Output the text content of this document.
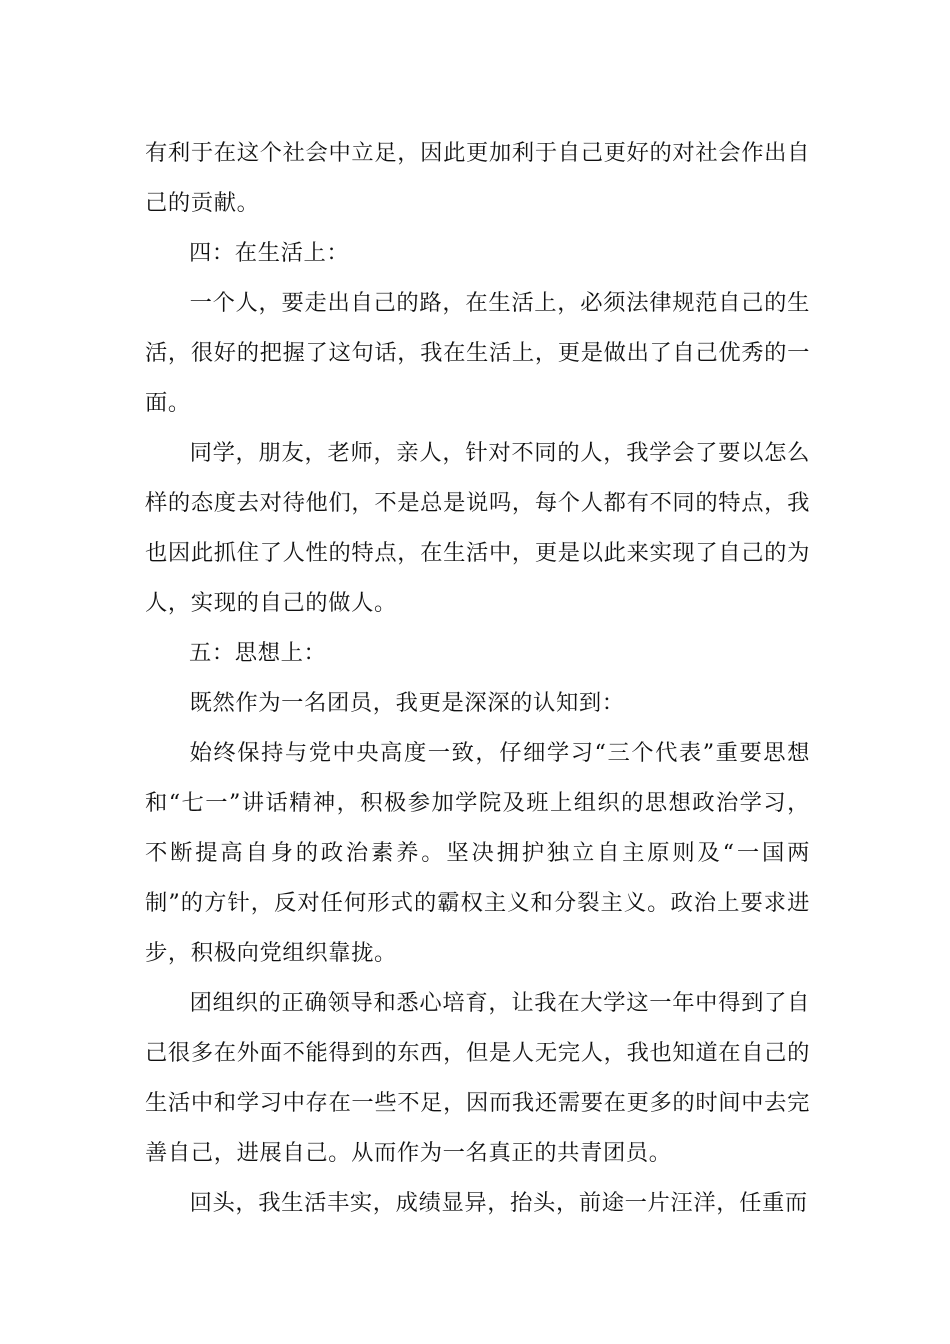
有利于在这个社会中立足，因此更加利于自己更好的对社会作出自己的贡献。

四：在生活上：

一个人，要走出自己的路，在生活上，必须法律规范自己的生活，很好的把握了这句话，我在生活上，更是做出了自己优秀的一面。

同学，朋友，老师，亲人，针对不同的人，我学会了要以怎么样的态度去对待他们，不是总是说吗，每个人都有不同的特点，我也因此抓住了人性的特点，在生活中，更是以此来实现了自己的为人，实现的自己的做人。

五：思想上：

既然作为一名团员，我更是深深的认知到：

始终保持与党中央高度一致，仔细学习“三个代表”重要思想和“七一”讲话精神，积极参加学院及班上组织的思想政治学习，不断提高自身的政治素养。坚决拥护独立自主原则及“一国两制”的方针，反对任何形式的霸权主义和分裂主义。政治上要求进步，积极向党组织靠拢。

团组织的正确领导和悉心培育，让我在大学这一年中得到了自己很多在外面不能得到的东西，但是人无完人，我也知道在自己的生活中和学习中存在一些不足，因而我还需要在更多的时间中去完善自己，进展自己。从而作为一名真正的共青团员。

回头，我生活丰实，成绩显异，抬头，前途一片汪洋，任重而
